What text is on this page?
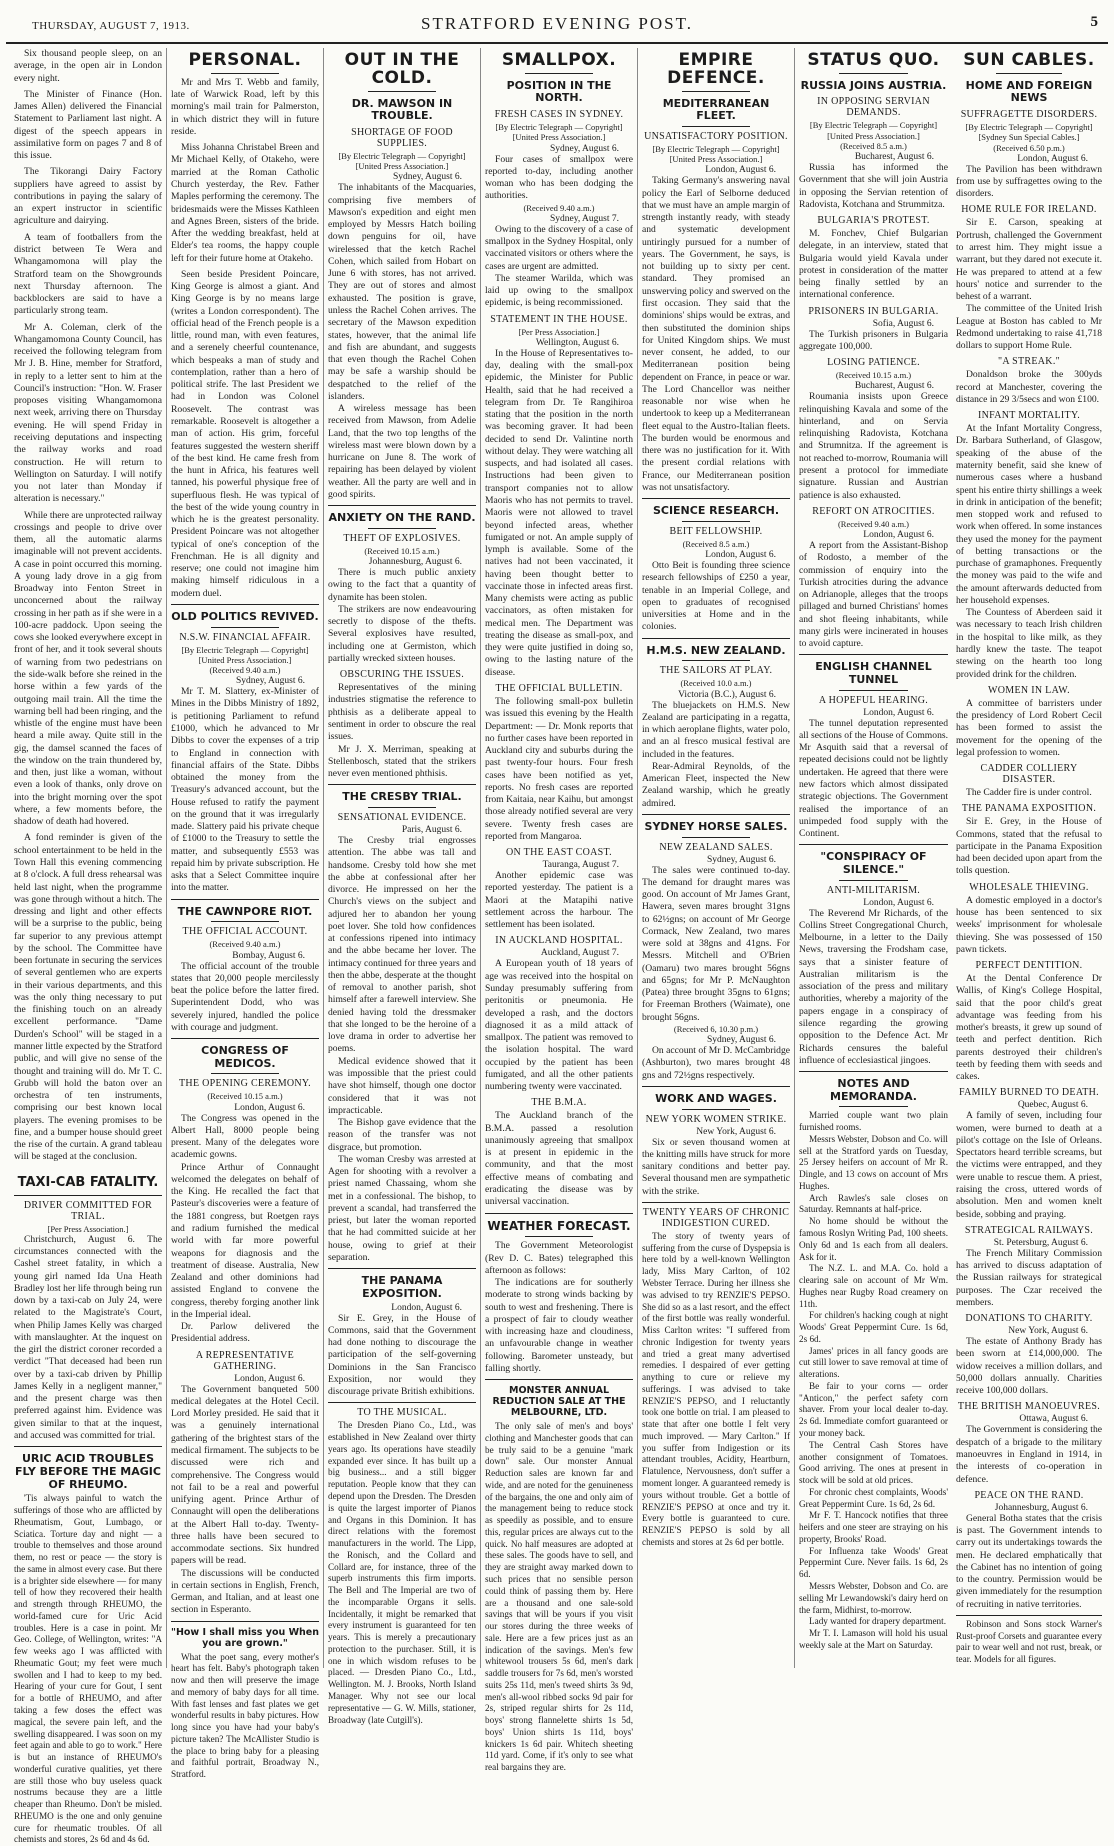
THURSDAY, AUGUST 7, 1913.	STRATFORD EVENING POST.	5

Six thousand people sleep, on an average, in the open air in London every night.

The Minister of Finance (Hon. James Allen) delivered the Financial Statement to Parliament last night. A digest of the speech appears in assimilative form on pages 7 and 8 of this issue.

The Tikorangi Dairy Factory suppliers have agreed to assist by contributions in paying the salary of an expert instructor in scientific agriculture and dairying.

A team of footballers from the district between Te Wera and Whangamomona will play the Stratford team on the Showgrounds next Thursday afternoon. The backblockers are said to have a particularly strong team.

Mr A. Coleman, clerk of the Whangamomona County Council, has received the following telegram from Mr J. B. Hine, member for Stratford, in reply to a letter sent to him at the Council's instruction: "Hon. W. Fraser proposes visiting Whangamomona next week, arriving there on Thursday evening. He will spend Friday in receiving deputations and inspecting the railway works and road construction. He will return to Wellington on Saturday. I will notify you not later than Monday if alteration is necessary."

While there are unprotected railway crossings and people to drive over them, all the automatic alarms imaginable will not prevent accidents. A case in point occurred this morning. A young lady drove in a gig from Broadway into Fenton Street in unconcerned about the railway crossing in her path as if she were in a 100-acre paddock. Upon seeing the cows she looked everywhere except in front of her, and it took several shouts of warning from two pedestrians on the side-walk before she reined in the horse within a few yards of the outgoing mail train. All the time the warning bell had been ringing, and the whistle of the engine must have been heard a mile away. Quite still in the gig, the damsel scanned the faces of the window on the train thundered by, and then, just like a woman, without even a look of thanks, only drove on into the bright morning over the spot where, a few moments before, the shadow of death had hovered.

A fond reminder is given of the school entertainment to be held in the Town Hall this evening commencing at 8 o'clock. A full dress rehearsal was held last night, when the programme was gone through without a hitch. The dressing and light and other effects will be a surprise to the public, being far superior to any previous attempt by the school. The Committee have been fortunate in securing the services of several gentlemen who are experts in their various departments, and this was the only thing necessary to put the finishing touch on an already excellent performance. "Dame Durden's School" will be staged in a manner little expected by the Stratford public, and will give no sense of the thought and training will do. Mr T. C. Grubb will hold the baton over an orchestra of ten instruments, comprising our best known local players. The evening promises to be fine, and a bumper house should greet the rise of the curtain. A grand tableau will be staged at the conclusion.

TAXI-CAB FATALITY.
DRIVER COMMITTED FOR TRIAL.
[Per Press Association.]

Christchurch, August 6. The circumstances connected with the Cashel street fatality, in which a young girl named Ida Una Heath Bradley lost her life through being run down by a taxi-cab on July 24, were related to the Magistrate's Court, when Philip James Kelly was charged with manslaughter. At the inquest on the girl the district coroner recorded a verdict "That deceased had been run over by a taxi-cab driven by Phillip James Kelly in a negligent manner," and the present charge was then preferred against him. Evidence was given similar to that at the inquest, and accused was committed for trial.

URIC ACID TROUBLES FLY BEFORE THE MAGIC OF RHEUMO.

'Tis always painful to watch the sufferings of those who are afflicted by Rheumatism, Gout, Lumbago, or Sciatica. Torture day and night — a trouble to themselves and those around them, no rest or peace — the story is the same in almost every case. But there is a brighter side elsewhere — for many tell of how they recovered their health and strength through RHEUMO, the world-famed cure for Uric Acid troubles. Here is a case in point. Mr Geo. College, of Wellington, writes: "A few weeks ago I was afflicted with Rheumatic Gout; my feet were much swollen and I had to keep to my bed. Hearing of your cure for Gout, I sent for a bottle of RHEUMO, and after taking a few doses the effect was magical, the severe pain left, and the swelling disappeared. I was soon on my feet again and able to go to work." Here is but an instance of RHEUMO's wonderful curative qualities, yet there are still those who buy useless quack nostrums because they are a little cheaper than Rheumo. Don't be misled. RHEUMO is the one and only genuine cure for rheumatic troubles. Of all chemists and stores, 2s 6d and 4s 6d.

PERSONAL.

Mr and Mrs T. Webb and family, late of Warwick Road, left by this morning's mail train for Palmerston, in which district they will in future reside.

Miss Johanna Christabel Breen and Mr Michael Kelly, of Otakeho, were married at the Roman Catholic Church yesterday, the Rev. Father Maples performing the ceremony. The bridesmaids were the Misses Kathleen and Agnes Breen, sisters of the bride. After the wedding breakfast, held at Elder's tea rooms, the happy couple left for their future home at Otakeho.

Seen beside President Poincare, King George is almost a giant. And King George is by no means large (writes a London correspondent). The official head of the French people is a little, round man, with even features, and a serenely cheerful countenance, which bespeaks a man of study and contemplation, rather than a hero of political strife. The last President we had in London was Colonel Roosevelt. The contrast was remarkable. Roosevelt is altogether a man of action. His grim, forceful features suggested the western sheriff of the best kind. He came fresh from the hunt in Africa, his features well tanned, his powerful physique free of superfluous flesh. He was typical of the best of the wide young country in which he is the greatest personality. President Poincare was not altogether typical of one's conception of the Frenchman. He is all dignity and reserve; one could not imagine him making himself ridiculous in a modern duel.

OLD POLITICS REVIVED.
N.S.W. FINANCIAL AFFAIR.
[By Electric Telegraph — Copyright] [United Press Association.]
(Received 9.40 a.m.)
Sydney, August 6.

Mr T. M. Slattery, ex-Minister of Mines in the Dibbs Ministry of 1892, is petitioning Parliament to refund £1000, which he advanced to Mr Dibbs to cover the expenses of a trip to England in connection with financial affairs of the State. Dibbs obtained the money from the Treasury's advanced account, but the House refused to ratify the payment on the ground that it was irregularly made. Slattery paid his private cheque of £1000 to the Treasury to settle the matter, and subsequently £553 was repaid him by private subscription. He asks that a Select Committee inquire into the matter.

THE CAWNPORE RIOT.
THE OFFICIAL ACCOUNT.
(Received 9.40 a.m.)
Bombay, August 6.

The official account of the trouble states that 20,000 people mercilessly beat the police before the latter fired. Superintendent Dodd, who was severely injured, handled the police with courage and judgment.

CONGRESS OF MEDICOS.
THE OPENING CEREMONY.
(Received 10.15 a.m.)
London, August 6.

The Congress was opened in the Albert Hall, 8000 people being present. Many of the delegates wore academic gowns.

Prince Arthur of Connaught welcomed the delegates on behalf of the King. He recalled the fact that Pasteur's discoveries were a feature of the 1881 congress, but Roetgen rays and radium furnished the medical world with far more powerful weapons for diagnosis and the treatment of disease. Australia, New Zealand and other dominions had assisted England to convene the congress, thereby forging another link in the Imperial ideal.

Dr. Parlow delivered the Presidential address.

A REPRESENTATIVE GATHERING.
London, August 6.

The Government banqueted 500 medical delegates at the Hotel Cecil. Lord Morley presided. He said that it was a genuinely international gathering of the brightest stars of the medical firmament. The subjects to be discussed were rich and comprehensive. The Congress would not fail to be a real and powerful unifying agent. Prince Arthur of Connaught will open the deliberations at the Albert Hall to-day. Twenty-three halls have been secured to accommodate sections. Six hundred papers will be read.

The discussions will be conducted in certain sections in English, French, German, and Italian, and at least one section in Esperanto.

"How I shall miss you When you are grown."

What the poet sang, every mother's heart has felt. Baby's photograph taken now and then will preserve the image and memory of baby days for all time. With fast lenses and fast plates we get wonderful results in baby pictures. How long since you have had your baby's picture taken? The McAllister Studio is the place to bring baby for a pleasing and faithful portrait, Broadway N., Stratford.

OUT IN THE COLD.
DR. MAWSON IN TROUBLE.
SHORTAGE OF FOOD SUPPLIES.
[By Electric Telegraph — Copyright] [United Press Association.]
Sydney, August 6.

The inhabitants of the Macquaries, comprising five members of Mawson's expedition and eight men employed by Messrs Hatch boiling down penguins for oil, have wirelessed that the ketch Rachel Cohen, which sailed from Hobart on June 6 with stores, has not arrived. They are out of stores and almost exhausted. The position is grave, unless the Rachel Cohen arrives. The secretary of the Mawson expedition states, however, that the animal life and fish are abundant, and suggests that even though the Rachel Cohen may be safe a warship should be despatched to the relief of the islanders.

A wireless message has been received from Mawson, from Adelie Land, that the two top lengths of the wireless mast were blown down by a hurricane on June 8. The work of repairing has been delayed by violent weather. All the party are well and in good spirits.

ANXIETY ON THE RAND.
THEFT OF EXPLOSIVES.
(Received 10.15 a.m.)
Johannesburg, August 6.

There is much public anxiety owing to the fact that a quantity of dynamite has been stolen.

The strikers are now endeavouring secretly to dispose of the thefts. Several explosives have resulted, including one at Germiston, which partially wrecked sixteen houses.

OBSCURING THE ISSUES.

Representatives of the mining industries stigmatise the reference to phthisis as a deliberate appeal to sentiment in order to obscure the real issues.

Mr J. X. Merriman, speaking at Stellenbosch, stated that the strikers never even mentioned phthisis.

THE CRESBY TRIAL.
SENSATIONAL EVIDENCE.
Paris, August 6.

The Cresby trial engrosses attention. The abbe was tall and handsome. Cresby told how she met the abbe at confessional after her divorce. He impressed on her the Church's views on the subject and adjured her to abandon her young poet lover. She told how confidences at confessions ripened into intimacy and the abbe became her lover. The intimacy continued for three years and then the abbe, desperate at the thought of removal to another parish, shot himself after a farewell interview. She denied having told the dressmaker that she longed to be the heroine of a love drama in order to advertise her poems.

Medical evidence showed that it was impossible that the priest could have shot himself, though one doctor considered that it was not impracticable.

The Bishop gave evidence that the reason of the transfer was not disgrace, but promotion.

The woman Cresby was arrested at Agen for shooting with a revolver a priest named Chassaing, whom she met in a confessional. The bishop, to prevent a scandal, had transferred the priest, but later the woman reported that he had committed suicide at her house, owing to grief at their separation.

THE PANAMA EXPOSITION.
London, August 6.

Sir E. Grey, in the House of Commons, said that the Government had done nothing to discourage the participation of the self-governing Dominions in the San Francisco Exposition, nor would they discourage private British exhibitions.

TO THE MUSICAL.

The Dresden Piano Co., Ltd., was established in New Zealand over thirty years ago. Its operations have steadily expanded ever since. It has built up a big business... and a still bigger reputation. People know that they can depend upon the Dresden. The Dresden is quite the largest importer of Pianos and Organs in this Dominion. It has direct relations with the foremost manufacturers in the world. The Lipp, the Ronisch, and the Collard and Collard are, for instance, three of the superb instruments this firm imports. The Bell and The Imperial are two of the incomparable Organs it sells. Incidentally, it might be remarked that every instrument is guaranteed for ten years. This is merely a precautionary protection to the purchaser. Still, it is one in which wisdom refuses to be placed. — Dresden Piano Co., Ltd., Wellington. M. J. Brooks, North Island Manager. Why not see our local representative — G. W. Mills, stationer, Broadway (late Cutgill's).

SMALLPOX.
POSITION IN THE NORTH.
FRESH CASES IN SYDNEY.
[By Electric Telegraph — Copyright] [United Press Association.]
Sydney, August 6.

Four cases of smallpox were reported to-day, including another woman who has been dodging the authorities.

(Received 9.40 a.m.)
Sydney, August 7.

Owing to the discovery of a case of smallpox in the Sydney Hospital, only vaccinated visitors or others where the cases are urgent are admitted.

The steamer Warilda, which was laid up owing to the smallpox epidemic, is being recommissioned.

STATEMENT IN THE HOUSE.
[Per Press Association.]
Wellington, August 6.

In the House of Representatives to-day, dealing with the small-pox epidemic, the Minister for Public Health, said that he had received a telegram from Dr. Te Rangihiroa stating that the position in the north was becoming graver. It had been decided to send Dr. Valintine north without delay. They were watching all suspects, and had isolated all cases. Instructions had been given to transport companies not to allow Maoris who has not permits to travel. Maoris were not allowed to travel beyond infected areas, whether fumigated or not. An ample supply of lymph is available. Some of the natives had not been vaccinated, it having been thought better to vaccinate those in infected areas first. Many chemists were acting as public vaccinators, as often mistaken for medical men. The Department was treating the disease as small-pox, and they were quite justified in doing so, owing to the lasting nature of the disease.

THE OFFICIAL BULLETIN.

The following small-pox bulletin was issued this evening by the Health Department: — Dr. Monk reports that no further cases have been reported in Auckland city and suburbs during the past twenty-four hours. Four fresh cases have been notified as yet, reports. No fresh cases are reported from Kaitaia, near Kaihu, but amongst those already notified several are very severe. Twenty fresh cases are reported from Mangaroa.

ON THE EAST COAST.
Tauranga, August 7.

Another epidemic case was reported yesterday. The patient is a Maori at the Matapihi native settlement across the harbour. The settlement has been isolated.

IN AUCKLAND HOSPITAL.
Auckland, August 7.

A European youth of 18 years of age was received into the hospital on Sunday presumably suffering from peritonitis or pneumonia. He developed a rash, and the doctors diagnosed it as a mild attack of smallpox. The patient was removed to the isolation hospital. The ward occupied by the patient has been fumigated, and all the other patients numbering twenty were vaccinated.

THE B.M.A.

The Auckland branch of the B.M.A. passed a resolution unanimously agreeing that smallpox is at present in epidemic in the community, and that the most effective means of combating and eradicating the disease was by universal vaccination.

WEATHER FORECAST.

The Government Meteorologist (Rev D. C. Bates) telegraphed this afternoon as follows:

The indications are for southerly moderate to strong winds backing by south to west and freshening. There is a prospect of fair to cloudy weather with increasing haze and cloudiness, an unfavourable change in weather following. Barometer unsteady, but falling shortly.

MONSTER ANNUAL REDUCTION SALE AT THE MELBOURNE, LTD.

The only sale of men's and boys' clothing and Manchester goods that can be truly said to be a genuine "mark down" sale. Our monster Annual Reduction sales are known far and wide, and are noted for the genuineness of the bargains, the one and only aim of the management being to reduce stock as speedily as possible, and to ensure this, regular prices are always cut to the quick. No half measures are adopted at these sales. The goods have to sell, and they are straight away marked down to such prices that no sensible person could think of passing them by. Here are a thousand and one sale-sold savings that will be yours if you visit our stores during the three weeks of sale. Here are a few prices just as an indication of the savings. Men's few whitewool trousers 5s 6d, men's dark saddle trousers for 7s 6d, men's worsted suits 25s 11d, men's tweed shirts 3s 9d, men's all-wool ribbed socks 9d pair for 2s, striped regular shirts for 2s 11d, boys' strong flannelette shirts 1s 5d, boys' Union shirts 1s 11d, boys' knickers 1s 6d pair. Whitech sheeting 11d yard. Come, if it's only to see what real bargains they are.

EMPIRE DEFENCE.
MEDITERRANEAN FLEET.
UNSATISFACTORY POSITION.
[By Electric Telegraph — Copyright] [United Press Association.]
London, August 6.

Taking Germany's answering naval policy the Earl of Selborne deduced that we must have an ample margin of strength instantly ready, with steady and systematic development untiringly pursued for a number of years. The Government, he says, is not building up to sixty per cent. standard. They promised an unswerving policy and swerved on the first occasion. They said that the dominions' ships would be extras, and then substituted the dominion ships for United Kingdom ships. We must never consent, he added, to our Mediterranean position being dependent on France, in peace or war. The Lord Chancellor was neither reasonable nor wise when he undertook to keep up a Mediterranean fleet equal to the Austro-Italian fleets. The burden would be enormous and there was no justification for it. With the present cordial relations with France, our Mediterranean position was not unsatisfactory.

SCIENCE RESEARCH.
BEIT FELLOWSHIP.
(Received 8.5 a.m.)
London, August 6.

Otto Beit is founding three science research fellowships of £250 a year, tenable in an Imperial College, and open to graduates of recognised universities at Home and in the colonies.

H.M.S. NEW ZEALAND.
THE SAILORS AT PLAY.
(Received 10.0 a.m.)
Victoria (B.C.), August 6.

The bluejackets on H.M.S. New Zealand are participating in a regatta, in which aeroplane flights, water polo, and an al fresco musical festival are included in the features.

Rear-Admiral Reynolds, of the American Fleet, inspected the New Zealand warship, which he greatly admired.

SYDNEY HORSE SALES.
NEW ZEALAND SALES.
Sydney, August 6.

The sales were continued to-day. The demand for draught mares was good. On account of Mr James Grant, Hawera, seven mares brought 31gns to 62½gns; on account of Mr George Cormack, New Zealand, two mares were sold at 38gns and 41gns. For Messrs. Mitchell and O'Brien (Oamaru) two mares brought 56gns and 65gns; for Mr P. McNaughton (Patea) three brought 35gns to 61gns; for Freeman Brothers (Waimate), one brought 56gns.

(Received 6, 10.30 p.m.)
Sydney, August 6.

On account of Mr D. McCambridge (Ashburton), two mares brought 48 gns and 72½gns respectively.

WORK AND WAGES.
NEW YORK WOMEN STRIKE.
New York, August 6.

Six or seven thousand women at the knitting mills have struck for more sanitary conditions and better pay. Several thousand men are sympathetic with the strike.

TWENTY YEARS OF CHRONIC INDIGESTION CURED.

The story of twenty years of suffering from the curse of Dyspepsia is here told by a well-known Wellington lady, Miss Mary Carlton, of 102 Webster Terrace. During her illness she was advised to try RENZIE'S PEPSO. She did so as a last resort, and the effect of the first bottle was really wonderful. Miss Carlton writes: "I suffered from chronic Indigestion for twenty years and tried a great many advertised remedies. I despaired of ever getting anything to cure or relieve my sufferings. I was advised to take RENZIE'S PEPSO, and I reluctantly took one bottle on trial. I am pleased to state that after one bottle I felt very much improved. — Mary Carlton." If you suffer from Indigestion or its attendant troubles, Acidity, Heartburn, Flatulence, Nervousness, don't suffer a moment longer. A guaranteed remedy is yours without trouble. Get a bottle of RENZIE'S PEPSO at once and try it. Every bottle is guaranteed to cure. RENZIE'S PEPSO is sold by all chemists and stores at 2s 6d per bottle.

STATUS QUO.
RUSSIA JOINS AUSTRIA.
IN OPPOSING SERVIAN DEMANDS.
[By Electric Telegraph — Copyright] [United Press Association.]
(Received 8.5 a.m.)
Bucharest, August 6.

Russia has informed the Government that she will join Austria in opposing the Servian retention of Radovista, Kotchana and Strummitza.

BULGARIA'S PROTEST.

M. Fonchev, Chief Bulgarian delegate, in an interview, stated that Bulgaria would yield Kavala under protest in consideration of the matter being finally settled by an international conference.

PRISONERS IN BULGARIA.
Sofia, August 6.

The Turkish prisoners in Bulgaria aggregate 100,000.

LOSING PATIENCE.
(Received 10.15 a.m.)
Bucharest, August 6.

Roumania insists upon Greece relinquishing Kavala and some of the hinterland, and on Servia relinquishing Radovista, Kotchana and Strumnitza. If the agreement is not reached to-morrow, Roumania will present a protocol for immediate signature. Russian and Austrian patience is also exhausted.

REFORT ON ATROCITIES.
(Received 9.40 a.m.)
London, August 6.

A report from the Assistant-Bishop of Rodosto, a member of the commission of enquiry into the Turkish atrocities during the advance on Adrianople, alleges that the troops pillaged and burned Christians' homes and shot fleeing inhabitants, while many girls were incinerated in houses to avoid capture.

ENGLISH CHANNEL TUNNEL
A HOPEFUL HEARING.
London, August 6.

The tunnel deputation represented all sections of the House of Commons. Mr Asquith said that a reversal of repeated decisions could not be lightly undertaken. He agreed that there were new factors which almost dissipated strategic objections. The Government realised the importance of an unimpeded food supply with the Continent.

"CONSPIRACY OF SILENCE."
ANTI-MILITARISM.
London, August 6.

The Reverend Mr Richards, of the Collins Street Congregational Church, Melbourne, in a letter to the Daily News, traversing the Frodsham case, says that a sinister feature of Australian militarism is the association of the press and military authorities, whereby a majority of the papers engage in a conspiracy of silence regarding the growing opposition to the Defence Act. Mr Richards censures the baleful influence of ecclesiastical jingoes.

NOTES AND MEMORANDA.

Married couple want two plain furnished rooms.

Messrs Webster, Dobson and Co. will sell at the Stratford yards on Tuesday, 25 Jersey heifers on account of Mr R. Dingle, and 13 cows on account of Mrs Hughes.

Arch Rawles's sale closes on Saturday. Remnants at half-price.

No home should be without the famous Roslyn Writing Pad, 100 sheets. Only 6d and 1s each from all dealers. Ask for it.

The N.Z. L. and M.A. Co. hold a clearing sale on account of Mr Wm. Hughes near Rugby Road creamery on 11th.

For children's hacking cough at night Woods' Great Peppermint Cure. 1s 6d, 2s 6d.

James' prices in all fancy goods are cut still lower to save removal at time of alterations.

Be fair to your corns — order "Anticon," the perfect safety corn shaver. From your local dealer to-day. 2s 6d. Immediate comfort guaranteed or your money back.

The Central Cash Stores have another consignment of Tomatoes. Good arriving. The ones at present in stock will be sold at old prices.

For chronic chest complaints, Woods' Great Peppermint Cure. 1s 6d, 2s 6d.

Mr F. T. Hancock notifies that three heifers and one steer are straying on his property, Brooks' Road.

For Influenza take Woods' Great Peppermint Cure. Never fails. 1s 6d, 2s 6d.

Messrs Webster, Dobson and Co. are selling Mr Lewandowski's dairy herd on the farm, Midhirst, to-morrow.

Lady wanted for drapery department.

Mr T. I. Lamason will hold his usual weekly sale at the Mart on Saturday.

SUN CABLES.
HOME AND FOREIGN NEWS
SUFFRAGETTE DISORDERS.
[By Electric Telegraph — Copyright] [Sydney Sun Special Cables.]
(Received 6.50 p.m.)
London, August 6.

The Pavilion has been withdrawn from use by suffragettes owing to the disorders.

HOME RULE FOR IRELAND.

Sir E. Carson, speaking at Portrush, challenged the Government to arrest him. They might issue a warrant, but they dared not execute it. He was prepared to attend at a few hours' notice and surrender to the behest of a warrant.

The committee of the United Irish League at Boston has cabled to Mr Redmond undertaking to raise 41,718 dollars to support Home Rule.

"A STREAK."

Donaldson broke the 300yds record at Manchester, covering the distance in 29 3/5secs and won £100.

INFANT MORTALITY.

At the Infant Mortality Congress, Dr. Barbara Sutherland, of Glasgow, speaking of the abuse of the maternity benefit, said she knew of numerous cases where a husband spent his entire thirty shillings a week in drink in anticipation of the benefit; men stopped work and refused to work when offered. In some instances they used the money for the payment of betting transactions or the purchase of gramaphones. Frequently the money was paid to the wife and the amount afterwards deducted from her household expenses.

The Countess of Aberdeen said it was necessary to teach Irish children in the hospital to like milk, as they hardly knew the taste. The teapot stewing on the hearth too long provided drink for the children.

WOMEN IN LAW.

A committee of barristers under the presidency of Lord Robert Cecil has been formed to assist the movement for the opening of the legal profession to women.

CADDER COLLIERY DISASTER.

The Cadder fire is under control.

THE PANAMA EXPOSITION.

Sir E. Grey, in the House of Commons, stated that the refusal to participate in the Panama Exposition had been decided upon apart from the tolls question.

WHOLESALE THIEVING.

A domestic employed in a doctor's house has been sentenced to six weeks' imprisonment for wholesale thieving. She was possessed of 150 pawn tickets.

PERFECT DENTITION.

At the Dental Conference Dr Wallis, of King's College Hospital, said that the poor child's great advantage was feeding from his mother's breasts, it grew up sound of teeth and perfect dentition. Rich parents destroyed their children's teeth by feeding them with seeds and cakes.

FAMILY BURNED TO DEATH.
Quebec, August 6.

A family of seven, including four women, were burned to death at a pilot's cottage on the Isle of Orleans. Spectators heard terrible screams, but the victims were entrapped, and they were unable to rescue them. A priest, raising the cross, uttered words of absolution. Men and women knelt beside, sobbing and praying.

STRATEGICAL RAILWAYS.
St. Petersburg, August 6.

The French Military Commission has arrived to discuss adaptation of the Russian railways for strategical purposes. The Czar received the members.

DONATIONS TO CHARITY.
New York, August 6.

The estate of Anthony Brady has been sworn at £14,000,000. The widow receives a million dollars, and 50,000 dollars annually. Charities receive 100,000 dollars.

THE BRITISH MANOEUVRES.
Ottawa, August 6.

The Government is considering the despatch of a brigade to the military manoeuvres in England in 1914, in the interests of co-operation in defence.

PEACE ON THE RAND.
Johannesburg, August 6.

General Botha states that the crisis is past. The Government intends to carry out its undertakings towards the men. He declared emphatically that the Cabinet has no intention of going to the country. Permission would be given immediately for the resumption of recruiting in native territories.

Robinson and Sons stock Warner's Rust-proof Corsets and guarantee every pair to wear well and not rust, break, or tear. Models for all figures.
